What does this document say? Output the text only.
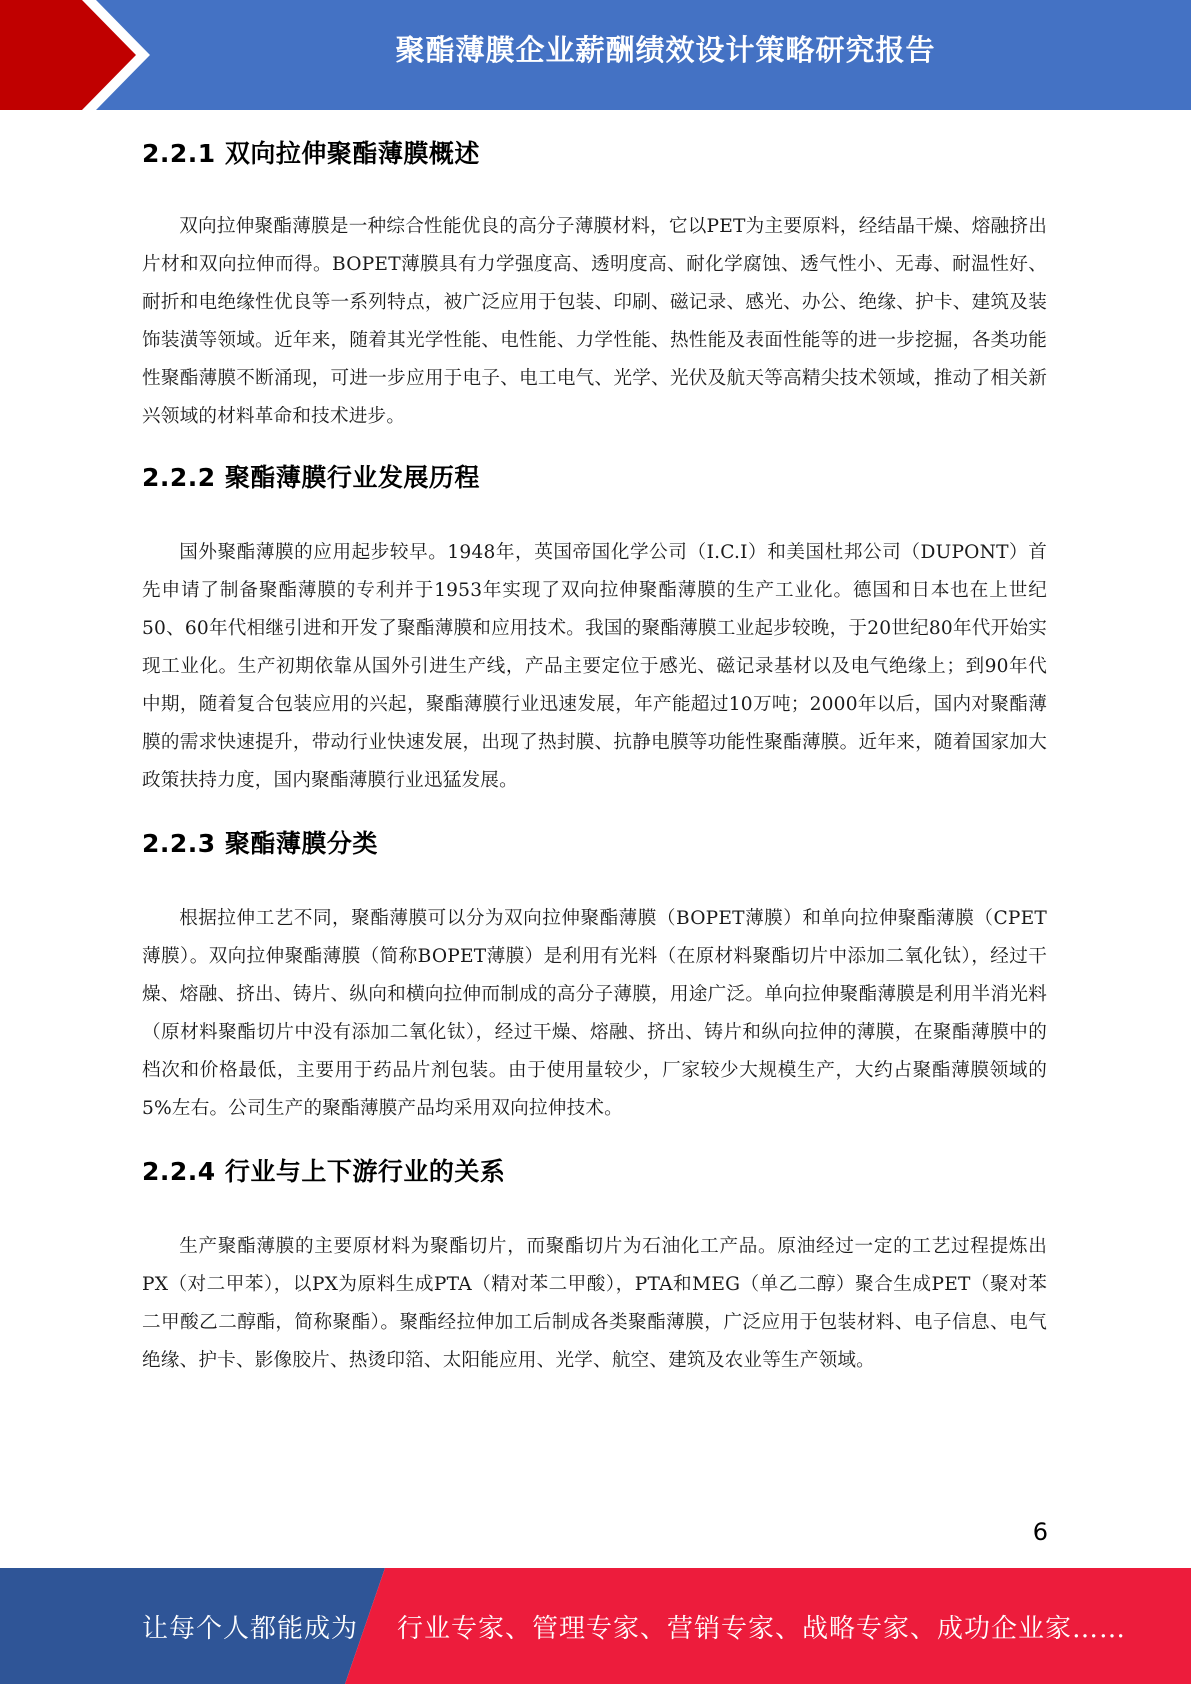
聚酯薄膜企业薪酬绩效设计策略研究报告
2.2.1 双向拉伸聚酯薄膜概述

双向拉伸聚酯薄膜是一种综合性能优良的高分子薄膜材料，它以PET为主要原料，经结晶干燥、熔融挤出片材和双向拉伸而得。BOPET薄膜具有力学强度高、透明度高、耐化学腐蚀、透气性小、无毒、耐温性好、耐折和电绝缘性优良等一系列特点，被广泛应用于包装、印刷、磁记录、感光、办公、绝缘、护卡、建筑及装饰装潢等领域。近年来，随着其光学性能、电性能、力学性能、热性能及表面性能等的进一步挖掘，各类功能性聚酯薄膜不断涌现，可进一步应用于电子、电工电气、光学、光伏及航天等高精尖技术领域，推动了相关新兴领域的材料革命和技术进步。

2.2.2 聚酯薄膜行业发展历程

国外聚酯薄膜的应用起步较早。1948年，英国帝国化学公司（I.C.I）和美国杜邦公司（DUPONT）首先申请了制备聚酯薄膜的专利并于1953年实现了双向拉伸聚酯薄膜的生产工业化。德国和日本也在上世纪50、60年代相继引进和开发了聚酯薄膜和应用技术。我国的聚酯薄膜工业起步较晚，于20世纪80年代开始实现工业化。生产初期依靠从国外引进生产线，产品主要定位于感光、磁记录基材以及电气绝缘上；到90年代中期，随着复合包装应用的兴起，聚酯薄膜行业迅速发展，年产能超过10万吨；2000年以后，国内对聚酯薄膜的需求快速提升，带动行业快速发展，出现了热封膜、抗静电膜等功能性聚酯薄膜。近年来，随着国家加大政策扶持力度，国内聚酯薄膜行业迅猛发展。

2.2.3 聚酯薄膜分类

根据拉伸工艺不同，聚酯薄膜可以分为双向拉伸聚酯薄膜（BOPET薄膜）和单向拉伸聚酯薄膜（CPET薄膜）。双向拉伸聚酯薄膜（简称BOPET薄膜）是利用有光料（在原材料聚酯切片中添加二氧化钛），经过干燥、熔融、挤出、铸片、纵向和横向拉伸而制成的高分子薄膜，用途广泛。单向拉伸聚酯薄膜是利用半消光料（原材料聚酯切片中没有添加二氧化钛），经过干燥、熔融、挤出、铸片和纵向拉伸的薄膜，在聚酯薄膜中的档次和价格最低，主要用于药品片剂包装。由于使用量较少，厂家较少大规模生产，大约占聚酯薄膜领域的5%左右。公司生产的聚酯薄膜产品均采用双向拉伸技术。

2.2.4 行业与上下游行业的关系

生产聚酯薄膜的主要原材料为聚酯切片，而聚酯切片为石油化工产品。原油经过一定的工艺过程提炼出PX（对二甲苯），以PX为原料生成PTA（精对苯二甲酸），PTA和MEG（单乙二醇）聚合生成PET（聚对苯二甲酸乙二醇酯，简称聚酯）。聚酯经拉伸加工后制成各类聚酯薄膜，广泛应用于包装材料、电子信息、电气绝缘、护卡、影像胶片、热烫印箔、太阳能应用、光学、航空、建筑及农业等生产领域。

6
让每个人都能成为 行业专家、管理专家、营销专家、战略专家、成功企业家……
